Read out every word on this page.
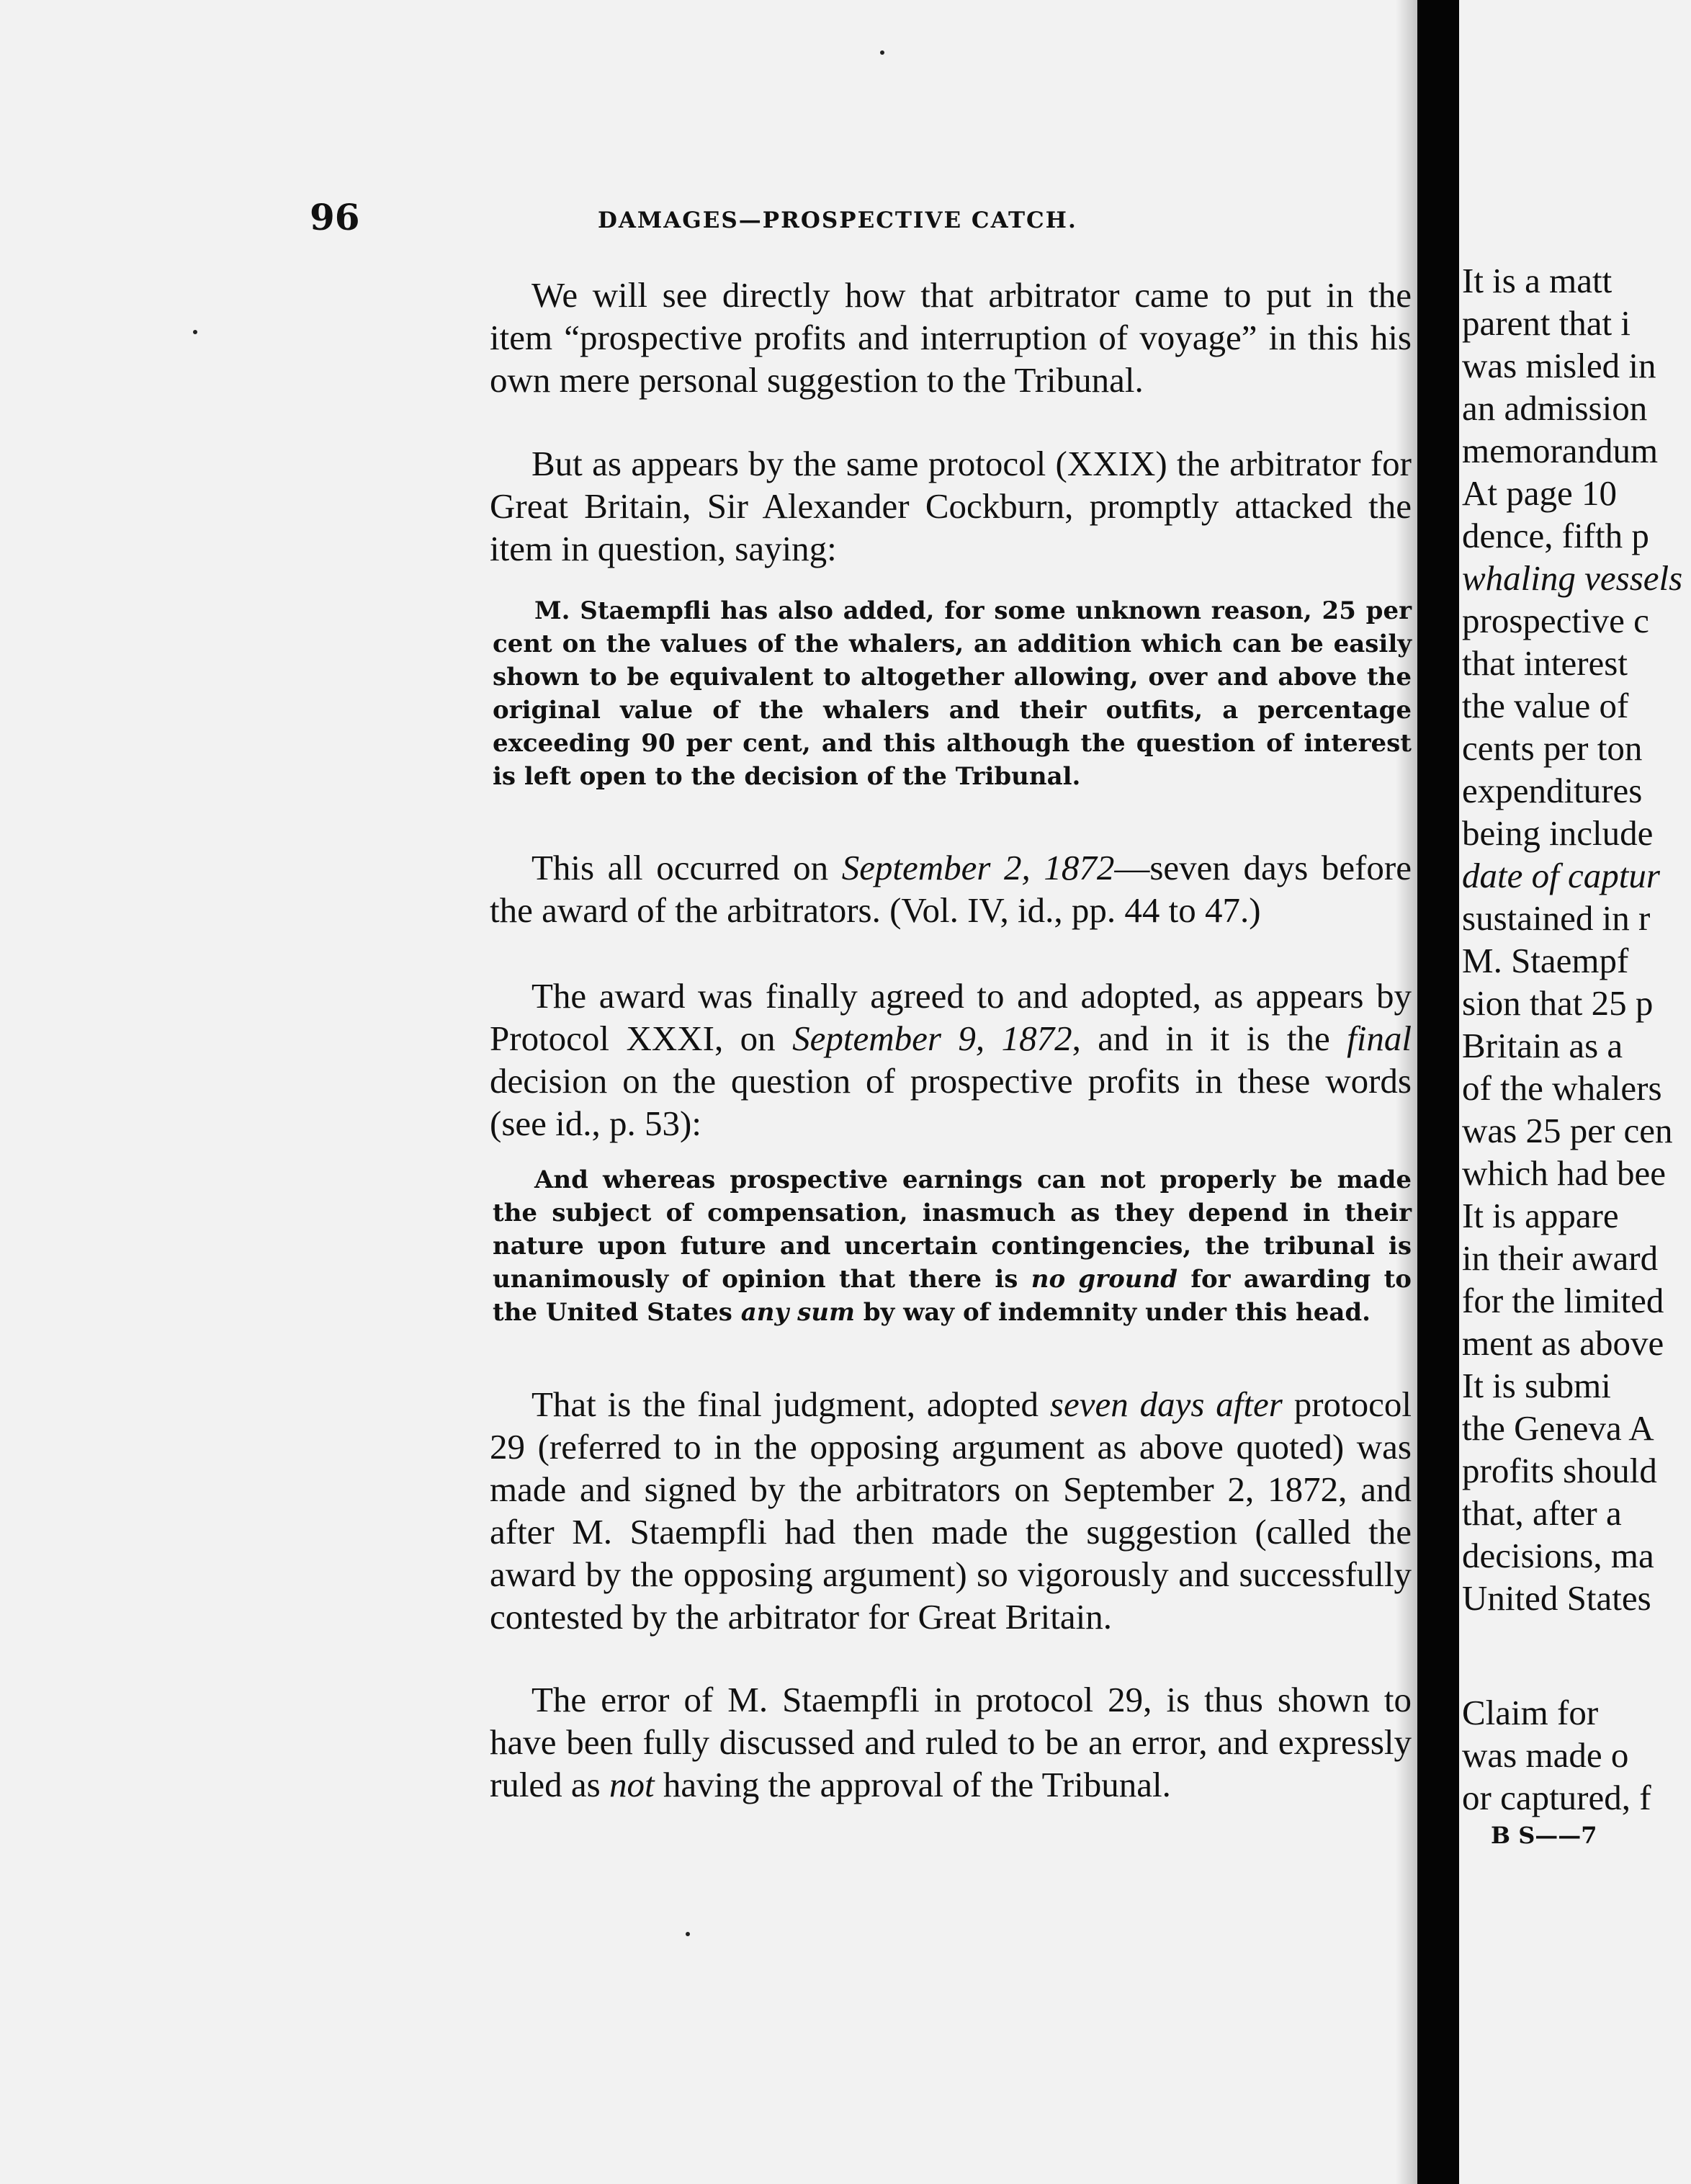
96	DAMAGES—PROSPECTIVE CATCH.

We will see directly how that arbitrator came to put in the item “prospective profits and interruption of voyage” in this his own mere personal suggestion to the Tribunal.

But as appears by the same protocol (XXIX) the arbitrator for Great Britain, Sir Alexander Cockburn, promptly attacked the item in question, saying:

M. Staempfli has also added, for some unknown reason, 25 per cent on the values of the whalers, an addition which can be easily shown to be equivalent to altogether allowing, over and above the original value of the whalers and their outfits, a percentage exceeding 90 per cent, and this although the question of interest is left open to the decision of the Tribunal.

This all occurred on September 2, 1872—seven days before the award of the arbitrators. (Vol. IV, id., pp. 44 to 47.)

The award was finally agreed to and adopted, as appears by Protocol XXXI, on September 9, 1872, and in it is the final decision on the question of prospective profits in these words (see id., p. 53):

And whereas prospective earnings can not properly be made the subject of compensation, inasmuch as they depend in their nature upon future and uncertain contingencies, the tribunal is unanimously of opinion that there is no ground for awarding to the United States any sum by way of indemnity under this head.

That is the final judgment, adopted seven days after protocol 29 (referred to in the opposing argument as above quoted) was made and signed by the arbitrators on September 2, 1872, and after M. Staempfli had then made the suggestion (called the award by the opposing argument) so vigorously and successfully contested by the arbitrator for Great Britain.

The error of M. Staempfli in protocol 29, is thus shown to have been fully discussed and ruled to be an error, and expressly ruled as not having the approval of the Tribunal.

It is a matt
parent that i
was misled in
an admission
memorandum
At page 10
dence, fifth p
whaling vessels
prospective c
that interest
the value of
cents per ton
expenditures
being include
date of captur
sustained in r
M. Staempf
sion that 25 p
Britain as a
of the whalers
was 25 per cen
which had bee
It is appare
in their award
for the limited
ment as above
It is submi
the Geneva A
profits should
that, after a
decisions, ma
United States
Claim for
was made o
or captured, f
B S——7
